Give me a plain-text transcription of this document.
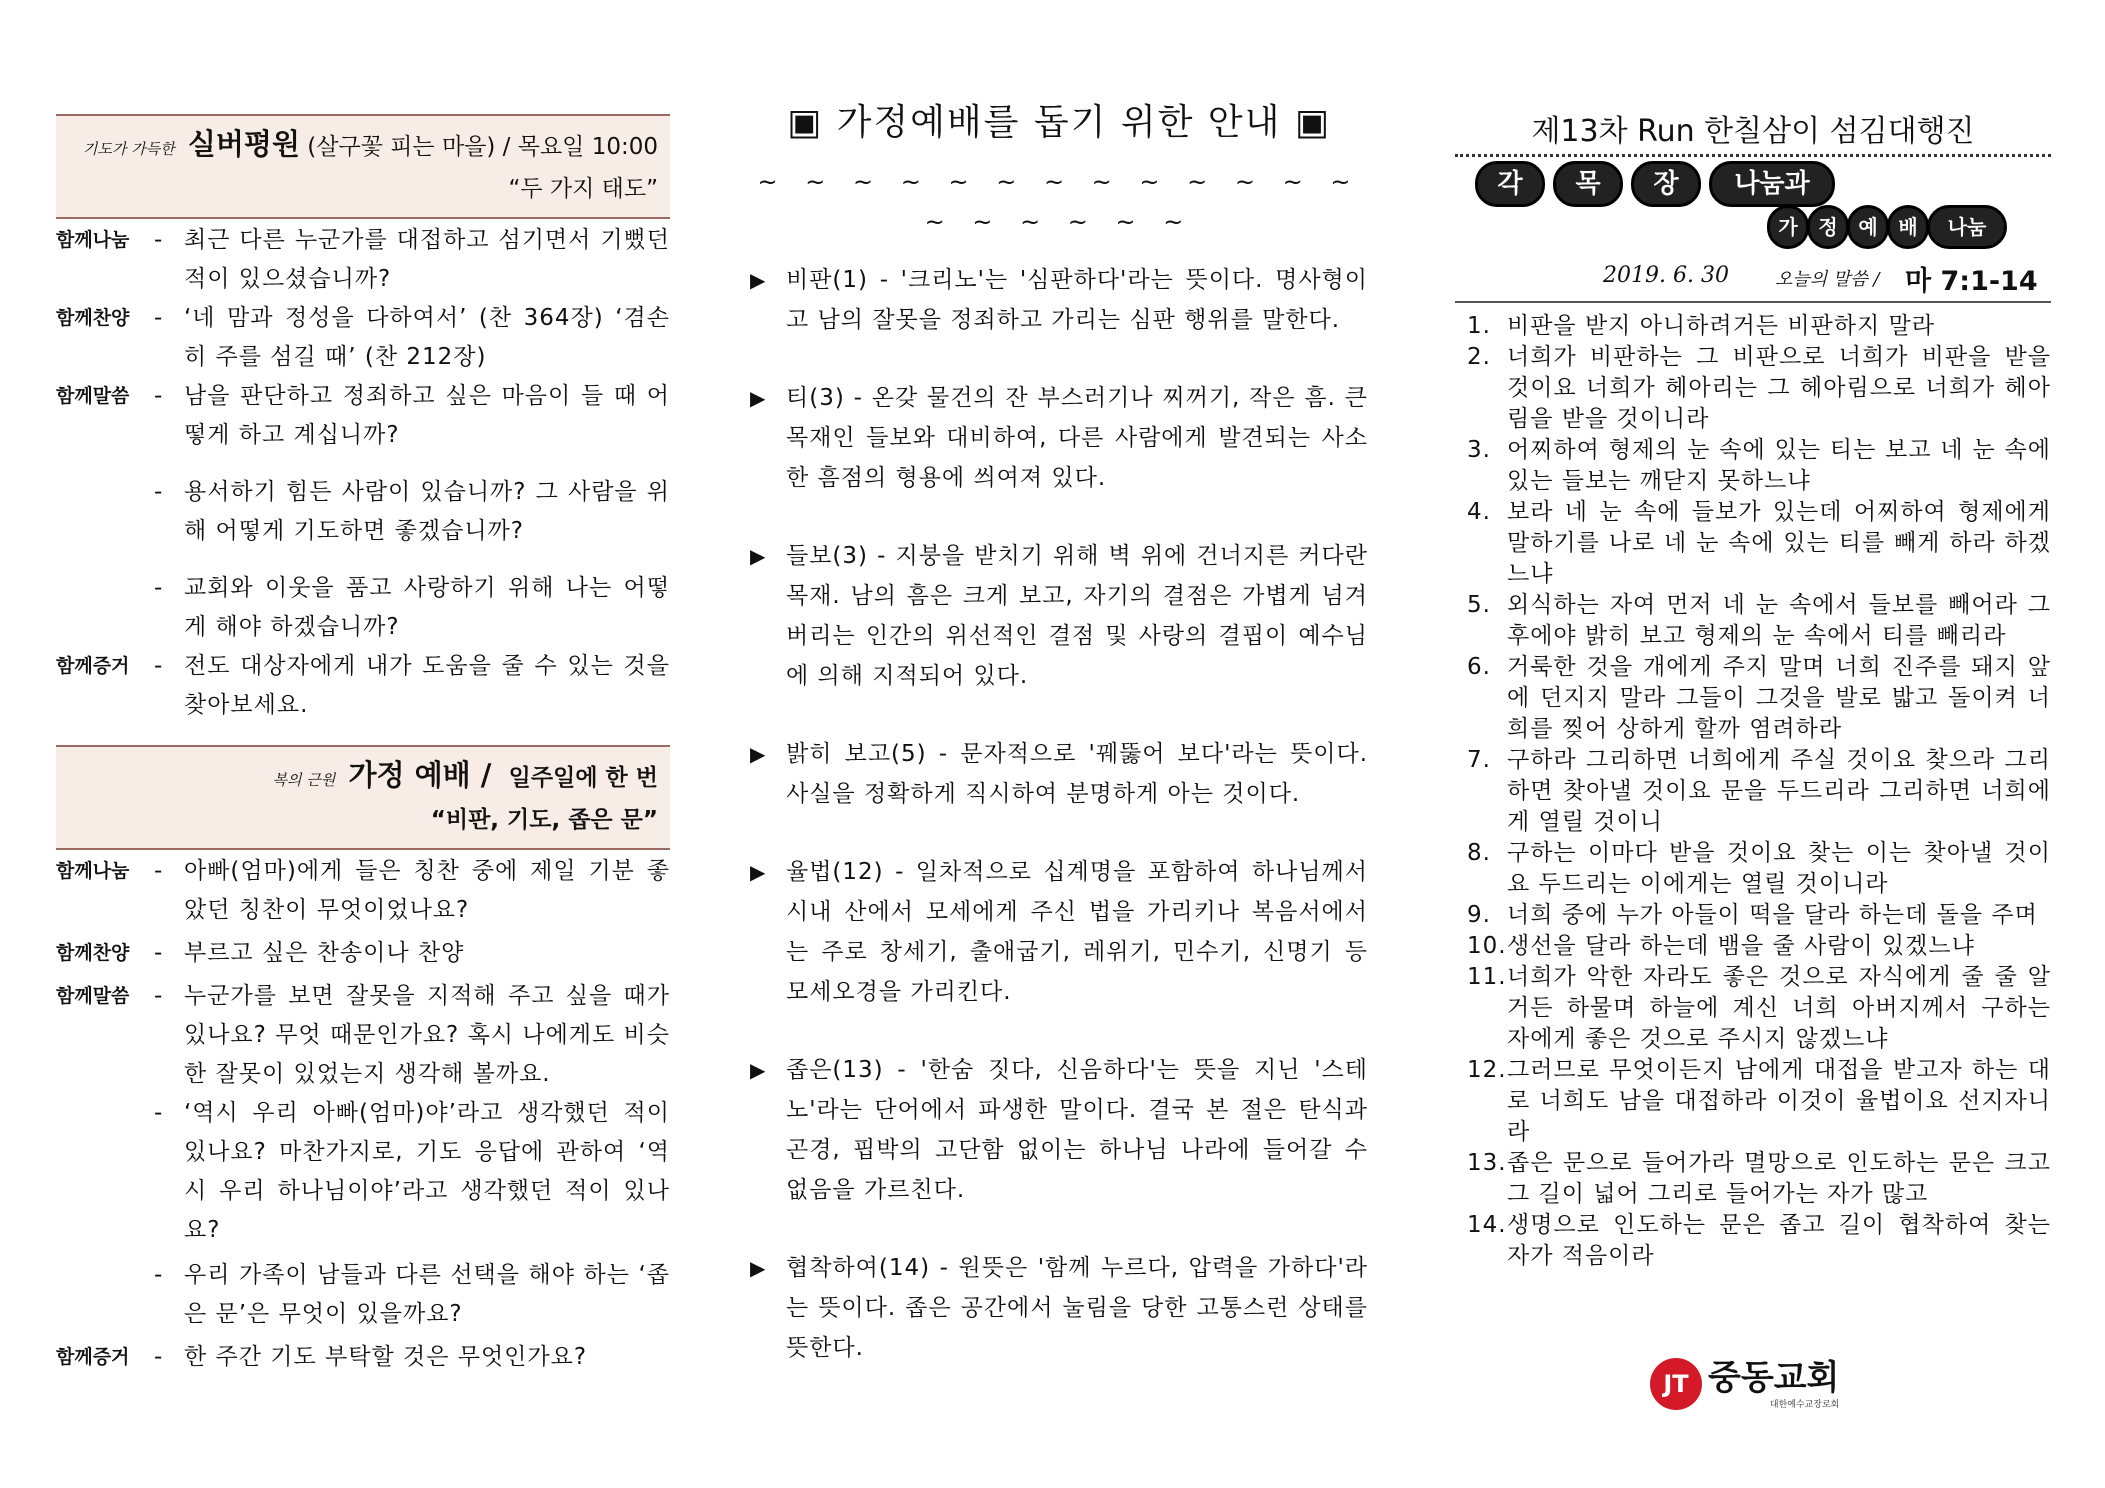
기도가 가득한 실버평원 (살구꽃 피는 마을) / 목요일 10:00
“두 가지 태도”
함께나눔	- 최근 다른 누군가를 대접하고 섬기면서 기뻤던 적이 있으셨습니까?
함께찬양	- ‘네 맘과 정성을 다하여서’ (찬 364장) ‘겸손히 주를 섬길 때’ (찬 212장)
함께말씀	- 남을 판단하고 정죄하고 싶은 마음이 들 때 어떻게 하고 계십니까?
- 용서하기 힘든 사람이 있습니까? 그 사람을 위해 어떻게 기도하면 좋겠습니까?
- 교회와 이웃을 품고 사랑하기 위해 나는 어떻게 해야 하겠습니까?
함께증거	- 전도 대상자에게 내가 도움을 줄 수 있는 것을 찾아보세요.
복의 근원 가정 예배 / 일주일에 한 번
“비판, 기도, 좁은 문”
함께나눔	- 아빠(엄마)에게 들은 칭찬 중에 제일 기분 좋았던 칭찬이 무엇이었나요?
함께찬양	- 부르고 싶은 찬송이나 찬양
함께말씀	- 누군가를 보면 잘못을 지적해 주고 싶을 때가 있나요? 무엇 때문인가요? 혹시 나에게도 비슷한 잘못이 있었는지 생각해 볼까요.
- ‘역시 우리 아빠(엄마)야’라고 생각했던 적이 있나요? 마찬가지로, 기도 응답에 관하여 ‘역시 우리 하나님이야’라고 생각했던 적이 있나요?
- 우리 가족이 남들과 다른 선택을 해야 하는 ‘좁은 문’은 무엇이 있을까요?
함께증거	- 한 주간 기도 부탁할 것은 무엇인가요?
▣ 가정예배를 돕기 위한 안내 ▣
~ ~ ~ ~ ~ ~ ~ ~ ~ ~ ~ ~ ~ ~ ~ ~ ~ ~ ~
▶ 비판(1) - '크리노'는 '심판하다'라는 뜻이다. 명사형이고 남의 잘못을 정죄하고 가리는 심판 행위를 말한다.
▶ 티(3) - 온갖 물건의 잔 부스러기나 찌꺼기, 작은 흠. 큰 목재인 들보와 대비하여, 다른 사람에게 발견되는 사소한 흠점의 형용에 씌여져 있다.
▶ 들보(3) - 지붕을 받치기 위해 벽 위에 건너지른 커다란 목재. 남의 흠은 크게 보고, 자기의 결점은 가볍게 넘겨 버리는 인간의 위선적인 결점 및 사랑의 결핍이 예수님에 의해 지적되어 있다.
▶ 밝히 보고(5) - 문자적으로 '꿰뚫어 보다'라는 뜻이다. 사실을 정확하게 직시하여 분명하게 아는 것이다.
▶ 율법(12) - 일차적으로 십계명을 포함하여 하나님께서 시내 산에서 모세에게 주신 법을 가리키나 복음서에서는 주로 창세기, 출애굽기, 레위기, 민수기, 신명기 등 모세오경을 가리킨다.
▶ 좁은(13) - '한숨 짓다, 신음하다'는 뜻을 지닌 '스테노'라는 단어에서 파생한 말이다. 결국 본 절은 탄식과 곤경, 핍박의 고단함 없이는 하나님 나라에 들어갈 수 없음을 가르친다.
▶ 협착하여(14) - 원뜻은 '함께 누르다, 압력을 가하다'라는 뜻이다. 좁은 공간에서 눌림을 당한 고통스런 상태를 뜻한다.
제13차 Run 한칠삼이 섬김대행진
각	목	장	나눔과
가	정	예	배	나눔
2019. 6. 30	오늘의 말씀 / 마 7:1-14
1. 비판을 받지 아니하려거든 비판하지 말라
2. 너희가 비판하는 그 비판으로 너희가 비판을 받을 것이요 너희가 헤아리는 그 헤아림으로 너희가 헤아림을 받을 것이니라
3. 어찌하여 형제의 눈 속에 있는 티는 보고 네 눈 속에 있는 들보는 깨닫지 못하느냐
4. 보라 네 눈 속에 들보가 있는데 어찌하여 형제에게 말하기를 나로 네 눈 속에 있는 티를 빼게 하라 하겠느냐
5. 외식하는 자여 먼저 네 눈 속에서 들보를 빼어라 그 후에야 밝히 보고 형제의 눈 속에서 티를 빼리라
6. 거룩한 것을 개에게 주지 말며 너희 진주를 돼지 앞에 던지지 말라 그들이 그것을 발로 밟고 돌이켜 너희를 찢어 상하게 할까 염려하라
7. 구하라 그리하면 너희에게 주실 것이요 찾으라 그리하면 찾아낼 것이요 문을 두드리라 그리하면 너희에게 열릴 것이니
8. 구하는 이마다 받을 것이요 찾는 이는 찾아낼 것이요 두드리는 이에게는 열릴 것이니라
9. 너희 중에 누가 아들이 떡을 달라 하는데 돌을 주며
10. 생선을 달라 하는데 뱀을 줄 사람이 있겠느냐
11. 너희가 악한 자라도 좋은 것으로 자식에게 줄 줄 알거든 하물며 하늘에 계신 너희 아버지께서 구하는 자에게 좋은 것으로 주시지 않겠느냐
12. 그러므로 무엇이든지 남에게 대접을 받고자 하는 대로 너희도 남을 대접하라 이것이 율법이요 선지자니라
13. 좁은 문으로 들어가라 멸망으로 인도하는 문은 크고 그 길이 넓어 그리로 들어가는 자가 많고
14. 생명으로 인도하는 문은 좁고 길이 협착하여 찾는 자가 적음이라
JT 중동교회
대한예수교장로회
